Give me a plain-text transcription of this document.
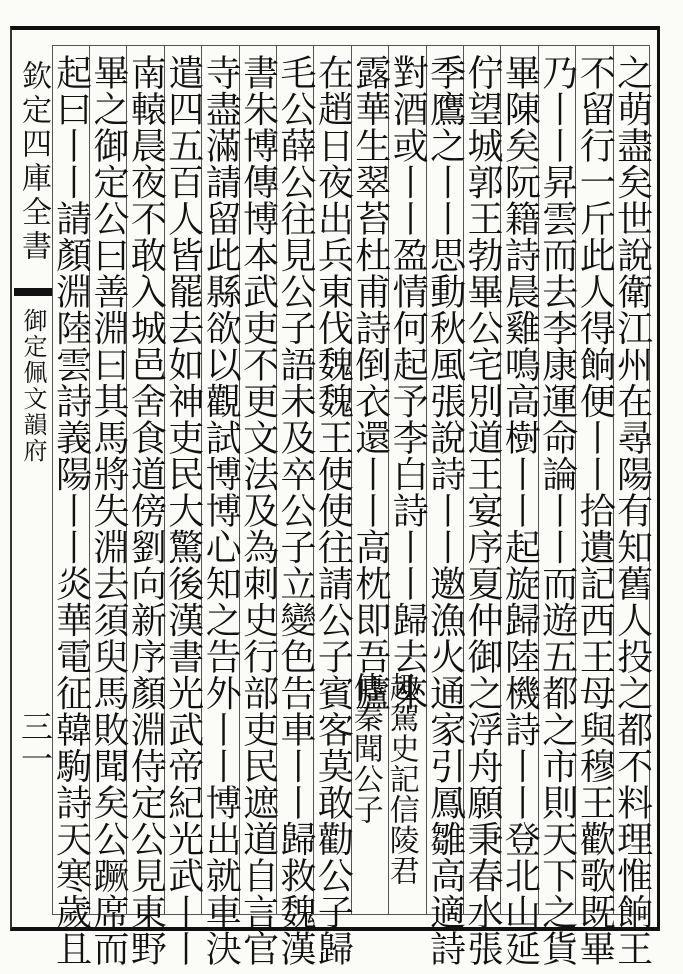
欽定四庫全書
御定佩文韻府
三一	之萌盡矣世說衛江州在尋陽有知舊人投之都不料理惟餉王
不留行一斤此人得餉便丨丨拾遺記西王母與穆王歡歌既畢
乃丨丨昇雲而去李康運命論丨丨而遊五都之市則天下之貨
畢陳矣阮籍詩晨雞鳴高樹丨丨起旋歸陸機詩丨丨登北山延
佇望城郭王勃畢公宅別道王宴序夏仲御之浮舟願秉春水張
季鷹之丨丨思動秋風張說詩丨丨邀漁火通家引鳳雛高適詩
對酒或丨丨盈情何起予李白詩丨丨歸去來
露華生翠苔杜甫詩倒衣還丨丨高枕即吾廬
在趙日夜出兵東伐魏魏王使使往請公子賓客莫敢勸公子歸
毛公薛公往見公子語未及卒公子立變色告車丨丨歸救魏漢
書朱博傳博本武吏不更文法及為刺史行部吏民遮道自言官
寺盡滿請留此縣欲以觀試博博心知之告外丨丨博出就車決
遣四五百人皆罷去如神吏民大驚後漢書光武帝紀光武丨丨
南轅晨夜不敢入城邑舍食道傍劉向新序顏淵侍定公見東野
畢之御定公曰善淵曰其馬將失淵去須臾馬敗聞矣公蹶席而
起曰丨丨請顏淵陸雲詩義陽丨丨炎華電征韓駒詩天寒歲且	趣駕史記信陵君傳秦聞公子
